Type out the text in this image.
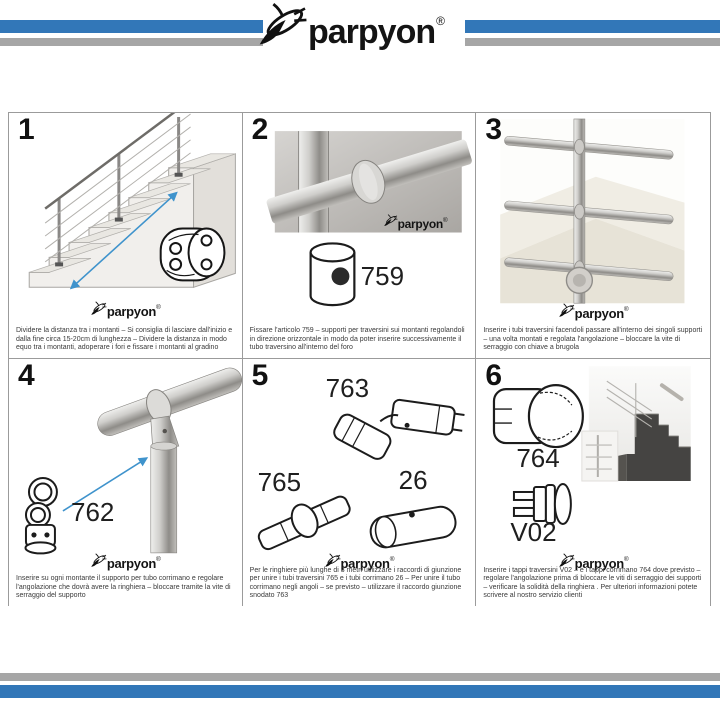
parpyon ®
1
parpyon ®
Dividere la distanza tra i montanti – Si consiglia di lasciare dall'inizio e dalla fine circa 15-20cm di lunghezza – Dividere la distanza in modo equo tra i montanti, adoperare i fori e fissare i montanti al gradino
parpyon ®
759
2
Fissare l'articolo 759 – supporti per traversini sui montanti regolandoli in direzione orizzontale in modo da poter inserire successivamente il tubo traversino all'interno del foro
3
parpyon ®
Inserire i tubi traversini facendoli passare all'interno dei singoli supporti – una volta montati e regolata l'angolazione – bloccare la vite di serraggio con chiave a brugola
762
4
parpyon ®
Inserire su ogni montante il supporto per tubo corrimano e regolare l'angolazione che dovrà avere la ringhiera – bloccare tramite la vite di serraggio del supporto
763
765	26
5
parpyon ®
Per le ringhiere più lunghe di 3 metri utilizzare i raccordi di giunzione per unire i tubi traversini 765 e i tubi corrimano 26 – Per unire il tubo corrimano negli angoli – se previsto – utilizzare il raccordo giunzione snodato 763
764
V02
6
parpyon ®
Inserire i tappi traversini V02 – e i tappi corrimano 764 dove previsto – regolare l'angolazione prima di bloccare le viti di serraggio dei supporti – verificare la solidità della ringhiera . Per ulteriori informazioni potete scrivere al nostro servizio clienti
